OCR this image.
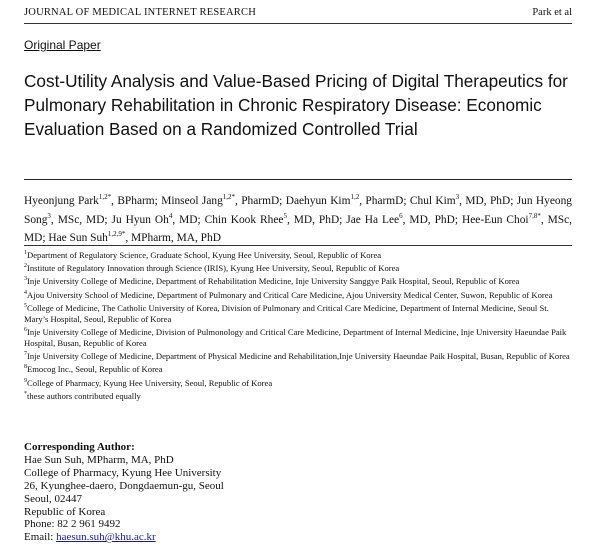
JOURNAL OF MEDICAL INTERNET RESEARCH	Park et al
Original Paper
Cost-Utility Analysis and Value-Based Pricing of Digital Therapeutics for Pulmonary Rehabilitation in Chronic Respiratory Disease: Economic Evaluation Based on a Randomized Controlled Trial

Hyeonjung Park$^{1,2*}$, BPharm; Minseol Jang$^{1,2*}$, PharmD; Daehyun Kim$^{1,2}$, PharmD; Chul Kim$^3$, MD, PhD; Jun Hyeong Song$^3$, MSc, MD; Ju Hyun Oh$^4$, MD; Chin Kook Rhee$^5$, MD, PhD; Jae Ha Lee$^6$, MD, PhD; Hee-Eun Choi$^{7,8*}$, MSc, MD; Hae Sun Suh$^{1,2,9*}$, MPharm, MA, PhD

$^1$Department of Regulatory Science, Graduate School, Kyung Hee University, Seoul, Republic of Korea
$^2$Institute of Regulatory Innovation through Science (IRIS), Kyung Hee University, Seoul, Republic of Korea
$^3$Inje University College of Medicine, Department of Rehabilitation Medicine, Inje University Sanggye Paik Hospital, Seoul, Republic of Korea
$^4$Ajou University School of Medicine, Department of Pulmonary and Critical Care Medicine, Ajou University Medical Center, Suwon, Republic of Korea
$^5$College of Medicine, The Catholic University of Korea, Division of Pulmonary and Critical Care Medicine, Department of Internal Medicine, Seoul St. Mary’s Hospital, Seoul, Republic of Korea
$^6$Inje University College of Medicine, Division of Pulmonology and Critical Care Medicine, Department of Internal Medicine, Inje University Haeundae Paik Hospital, Busan, Republic of Korea
$^7$Inje University College of Medicine, Department of Physical Medicine and Rehabilitation,Inje University Haeundae Paik Hospital, Busan, Republic of Korea
$^8$Emocog Inc., Seoul, Republic of Korea
$^9$College of Pharmacy, Kyung Hee University, Seoul, Republic of Korea
*these authors contributed equally
Corresponding Author:
Hae Sun Suh, MPharm, MA, PhD
College of Pharmacy, Kyung Hee University
26, Kyunghee-daero, Dongdaemun-gu, Seoul
Seoul, 02447
Republic of Korea
Phone: 82 2 961 9492
Email: haesun.suh@khu.ac.kr
